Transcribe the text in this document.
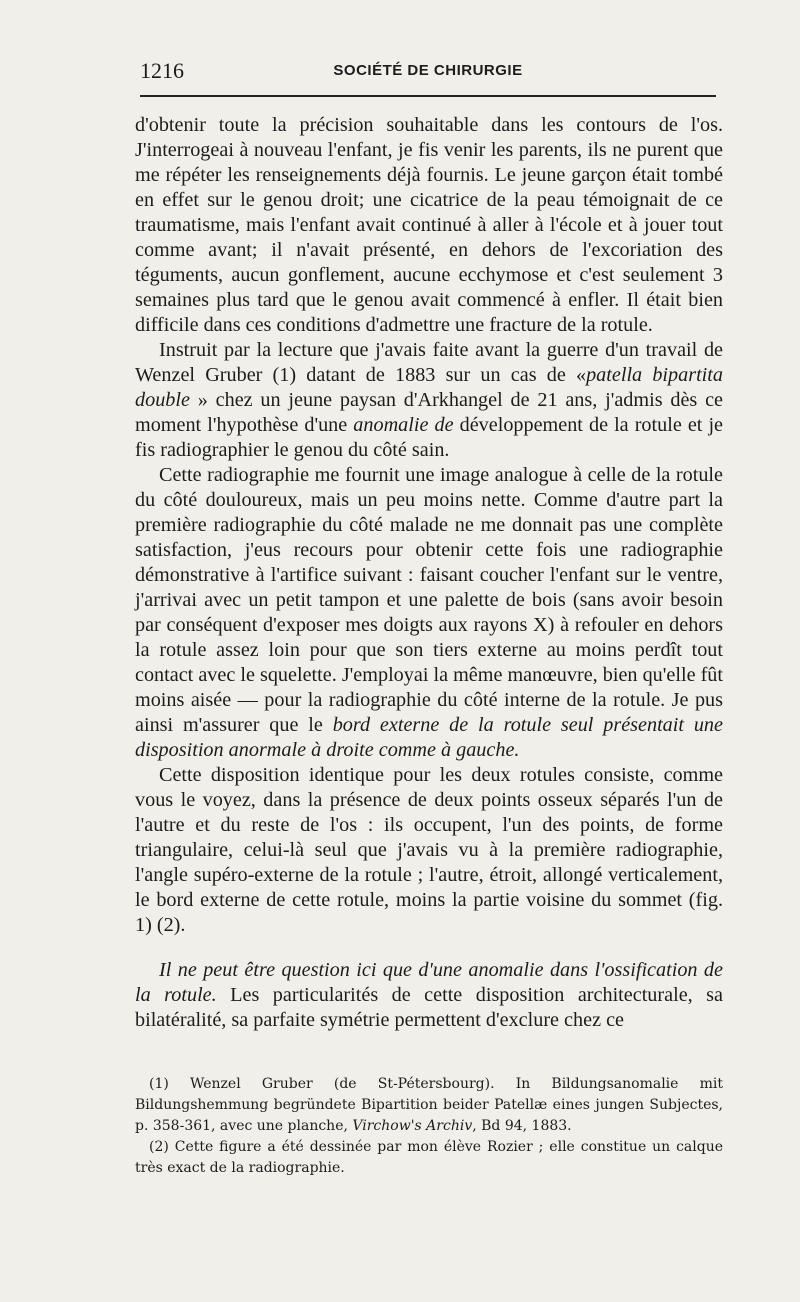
1216	SOCIÉTÉ DE CHIRURGIE

d'obtenir toute la précision souhaitable dans les contours de l'os. J'interrogeai à nouveau l'enfant, je fis venir les parents, ils ne purent que me répéter les renseignements déjà fournis. Le jeune garçon était tombé en effet sur le genou droit; une cicatrice de la peau témoignait de ce traumatisme, mais l'enfant avait continué à aller à l'école et à jouer tout comme avant; il n'avait présenté, en dehors de l'excoriation des téguments, aucun gonflement, aucune ecchymose et c'est seulement 3 semaines plus tard que le genou avait commencé à enfler. Il était bien difficile dans ces conditions d'admettre une fracture de la rotule.

Instruit par la lecture que j'avais faite avant la guerre d'un travail de Wenzel Gruber (1) datant de 1883 sur un cas de «patella bipartita double » chez un jeune paysan d'Arkhangel de 21 ans, j'admis dès ce moment l'hypothèse d'une anomalie de développement de la rotule et je fis radiographier le genou du côté sain.

Cette radiographie me fournit une image analogue à celle de la rotule du côté douloureux, mais un peu moins nette. Comme d'autre part la première radiographie du côté malade ne me donnait pas une complète satisfaction, j'eus recours pour obtenir cette fois une radiographie démonstrative à l'artifice suivant : faisant coucher l'enfant sur le ventre, j'arrivai avec un petit tampon et une palette de bois (sans avoir besoin par conséquent d'exposer mes doigts aux rayons X) à refouler en dehors la rotule assez loin pour que son tiers externe au moins perdît tout contact avec le squelette. J'employai la même manœuvre, bien qu'elle fût moins aisée — pour la radiographie du côté interne de la rotule. Je pus ainsi m'assurer que le bord externe de la rotule seul présentait une disposition anormale à droite comme à gauche.

Cette disposition identique pour les deux rotules consiste, comme vous le voyez, dans la présence de deux points osseux séparés l'un de l'autre et du reste de l'os : ils occupent, l'un des points, de forme triangulaire, celui-là seul que j'avais vu à la première radiographie, l'angle supéro-externe de la rotule ; l'autre, étroit, allongé verticalement, le bord externe de cette rotule, moins la partie voisine du sommet (fig. 1) (2).

Il ne peut être question ici que d'une anomalie dans l'ossification de la rotule. Les particularités de cette disposition architecturale, sa bilatéralité, sa parfaite symétrie permettent d'exclure chez ce

(1) Wenzel Gruber (de St-Pétersbourg). In Bildungsanomalie mit Bildungshemmung begründete Bipartition beider Patellæ eines jungen Subjectes, p. 358-361, avec une planche, Virchow's Archiv, Bd 94, 1883.

(2) Cette figure a été dessinée par mon élève Rozier ; elle constitue un calque très exact de la radiographie.
